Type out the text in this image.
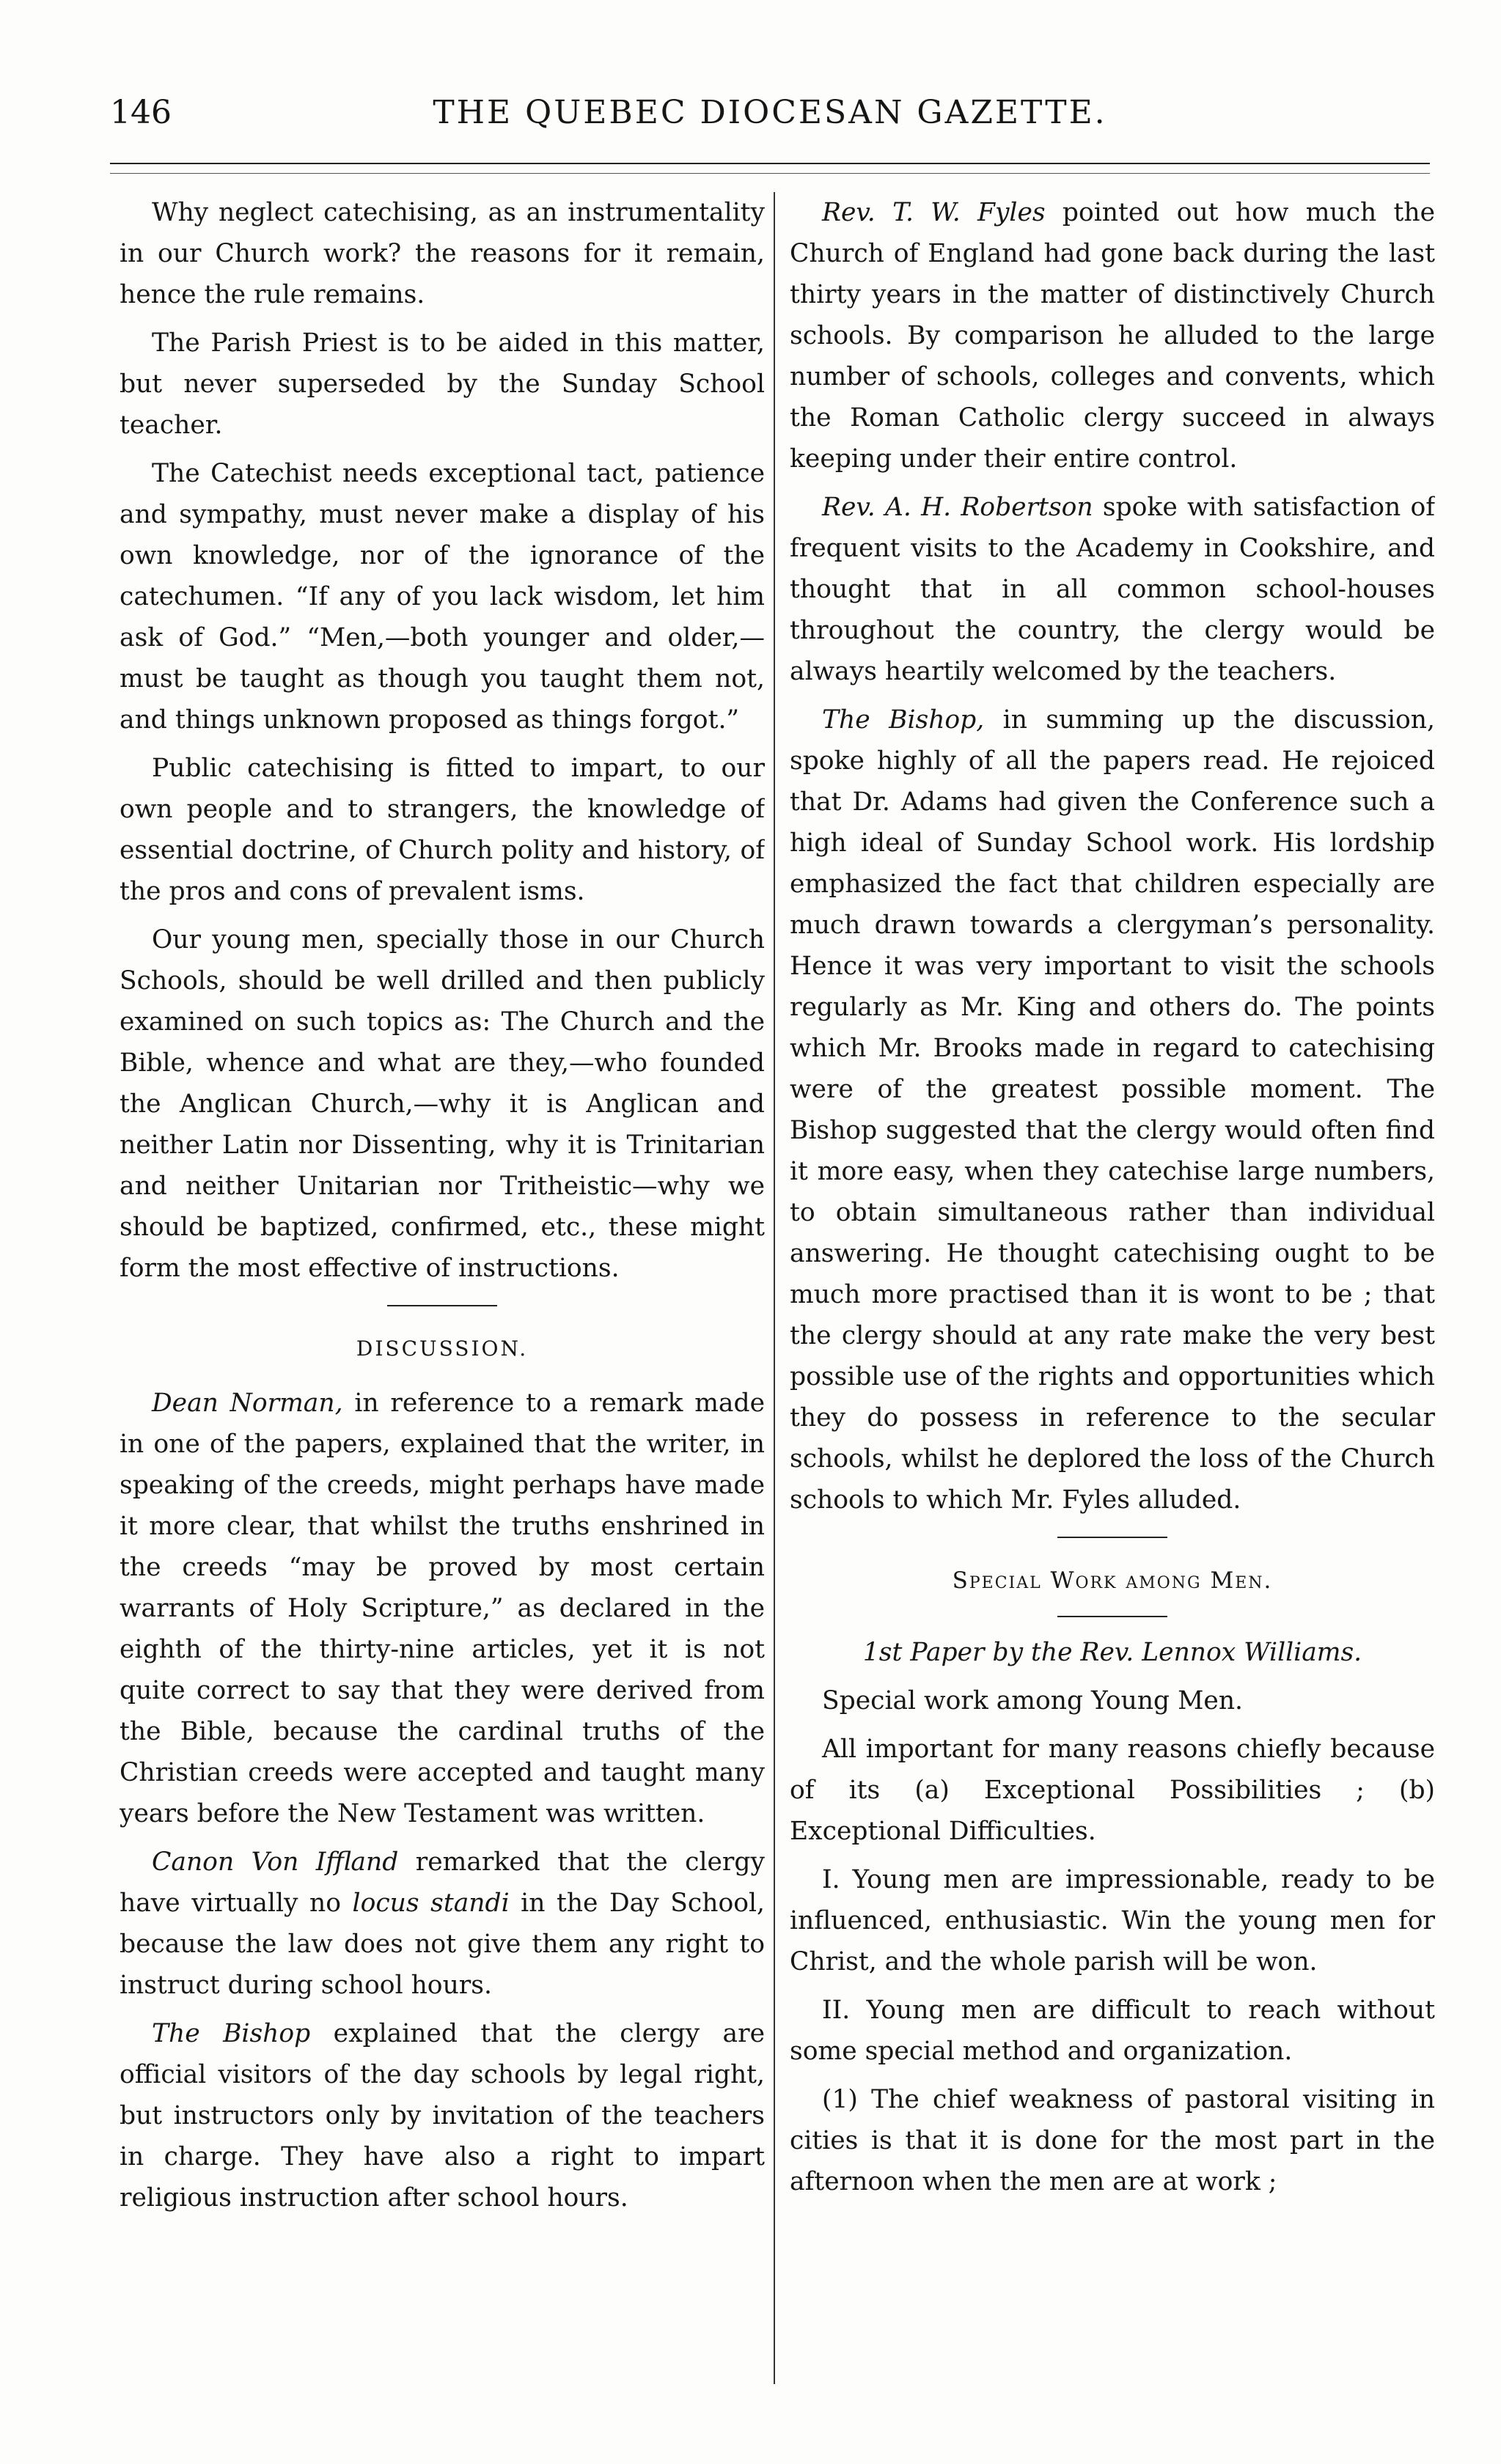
146	THE QUEBEC DIOCESAN GAZETTE.

Why neglect catechising, as an instrumentality in our Church work? the reasons for it remain, hence the rule remains.

The Parish Priest is to be aided in this matter, but never superseded by the Sunday School teacher.

The Catechist needs exceptional tact, patience and sympathy, must never make a display of his own knowledge, nor of the ignorance of the catechumen. “If any of you lack wisdom, let him ask of God.” “Men,—both younger and older,—must be taught as though you taught them not, and things unknown proposed as things forgot.”

Public catechising is fitted to impart, to our own people and to strangers, the knowledge of essential doctrine, of Church polity and history, of the pros and cons of prevalent isms.

Our young men, specially those in our Church Schools, should be well drilled and then publicly examined on such topics as: The Church and the Bible, whence and what are they,—who founded the Anglican Church,—why it is Anglican and neither Latin nor Dissenting, why it is Trinitarian and neither Unitarian nor Tritheistic—why we should be baptized, confirmed, etc., these might form the most effective of instructions.

DISCUSSION.

Dean Norman, in reference to a remark made in one of the papers, explained that the writer, in speaking of the creeds, might perhaps have made it more clear, that whilst the truths enshrined in the creeds “may be proved by most certain warrants of Holy Scripture,” as declared in the eighth of the thirty-nine articles, yet it is not quite correct to say that they were derived from the Bible, because the cardinal truths of the Christian creeds were accepted and taught many years before the New Testament was written.

Canon Von Iffland remarked that the clergy have virtually no locus standi in the Day School, because the law does not give them any right to instruct during school hours.

The Bishop explained that the clergy are official visitors of the day schools by legal right, but instructors only by invitation of the teachers in charge. They have also a right to impart religious instruction after school hours.

Rev. T. W. Fyles pointed out how much the Church of England had gone back during the last thirty years in the matter of distinctively Church schools. By comparison he alluded to the large number of schools, colleges and convents, which the Roman Catholic clergy succeed in always keeping under their entire control.

Rev. A. H. Robertson spoke with satisfaction of frequent visits to the Academy in Cookshire, and thought that in all common school-houses throughout the country, the clergy would be always heartily welcomed by the teachers.

The Bishop, in summing up the discussion, spoke highly of all the papers read. He rejoiced that Dr. Adams had given the Conference such a high ideal of Sunday School work. His lordship emphasized the fact that children especially are much drawn towards a clergyman’s personality. Hence it was very important to visit the schools regularly as Mr. King and others do. The points which Mr. Brooks made in regard to catechising were of the greatest possible moment. The Bishop suggested that the clergy would often find it more easy, when they catechise large numbers, to obtain simultaneous rather than individual answering. He thought catechising ought to be much more practised than it is wont to be ; that the clergy should at any rate make the very best possible use of the rights and opportunities which they do possess in reference to the secular schools, whilst he deplored the loss of the Church schools to which Mr. Fyles alluded.

Special Work among Men.
1st Paper by the Rev. Lennox Williams.

Special work among Young Men.

All important for many reasons chiefly because of its (a) Exceptional Possibilities ; (b) Exceptional Difficulties.

I. Young men are impressionable, ready to be influenced, enthusiastic. Win the young men for Christ, and the whole parish will be won.

II. Young men are difficult to reach without some special method and organization.

(1) The chief weakness of pastoral visiting in cities is that it is done for the most part in the afternoon when the men are at work ;
